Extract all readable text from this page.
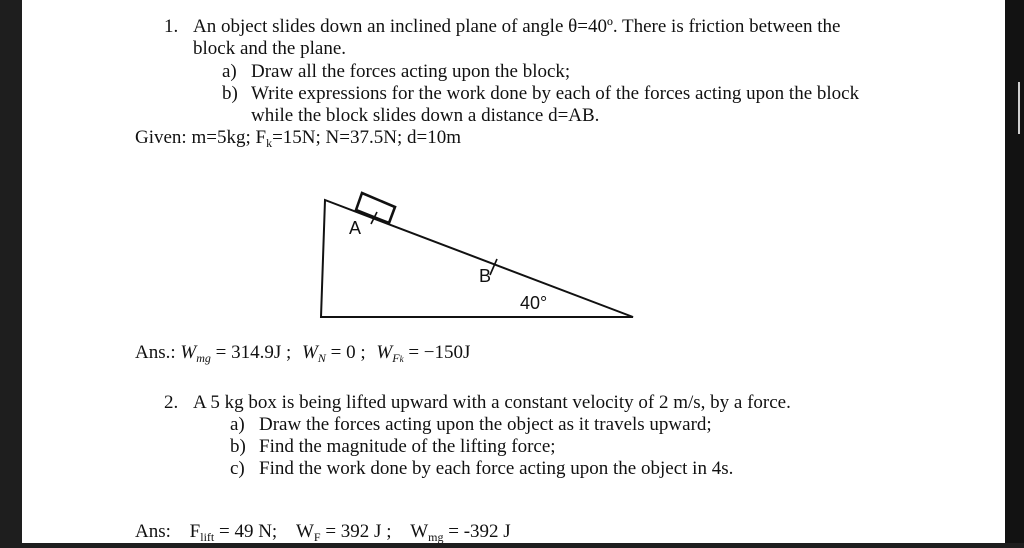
1. An object slides down an inclined plane of angle θ=40º. There is friction between the
block and the plane.
a) Draw all the forces acting upon the block;
b) Write expressions for the work done by each of the forces acting upon the block
while the block slides down a distance d=AB.
Given: m=5kg; $F_k=15N$; N=37.5N; d=10m
A
B
40°
Ans.: $W_{mg} = 314.9J$ ; $W_N = 0$ ; $W_{Fk} = -150J$
2. A 5 kg box is being lifted upward with a constant velocity of 2 m/s, by a force.
a) Draw the forces acting upon the object as it travels upward;
b) Find the magnitude of the lifting force;
c) Find the work done by each force acting upon the object in 4s.
Ans: $F_{lift} = 49$ N; $W_F = 392$ J ; $W_{mg} = -392$ J
